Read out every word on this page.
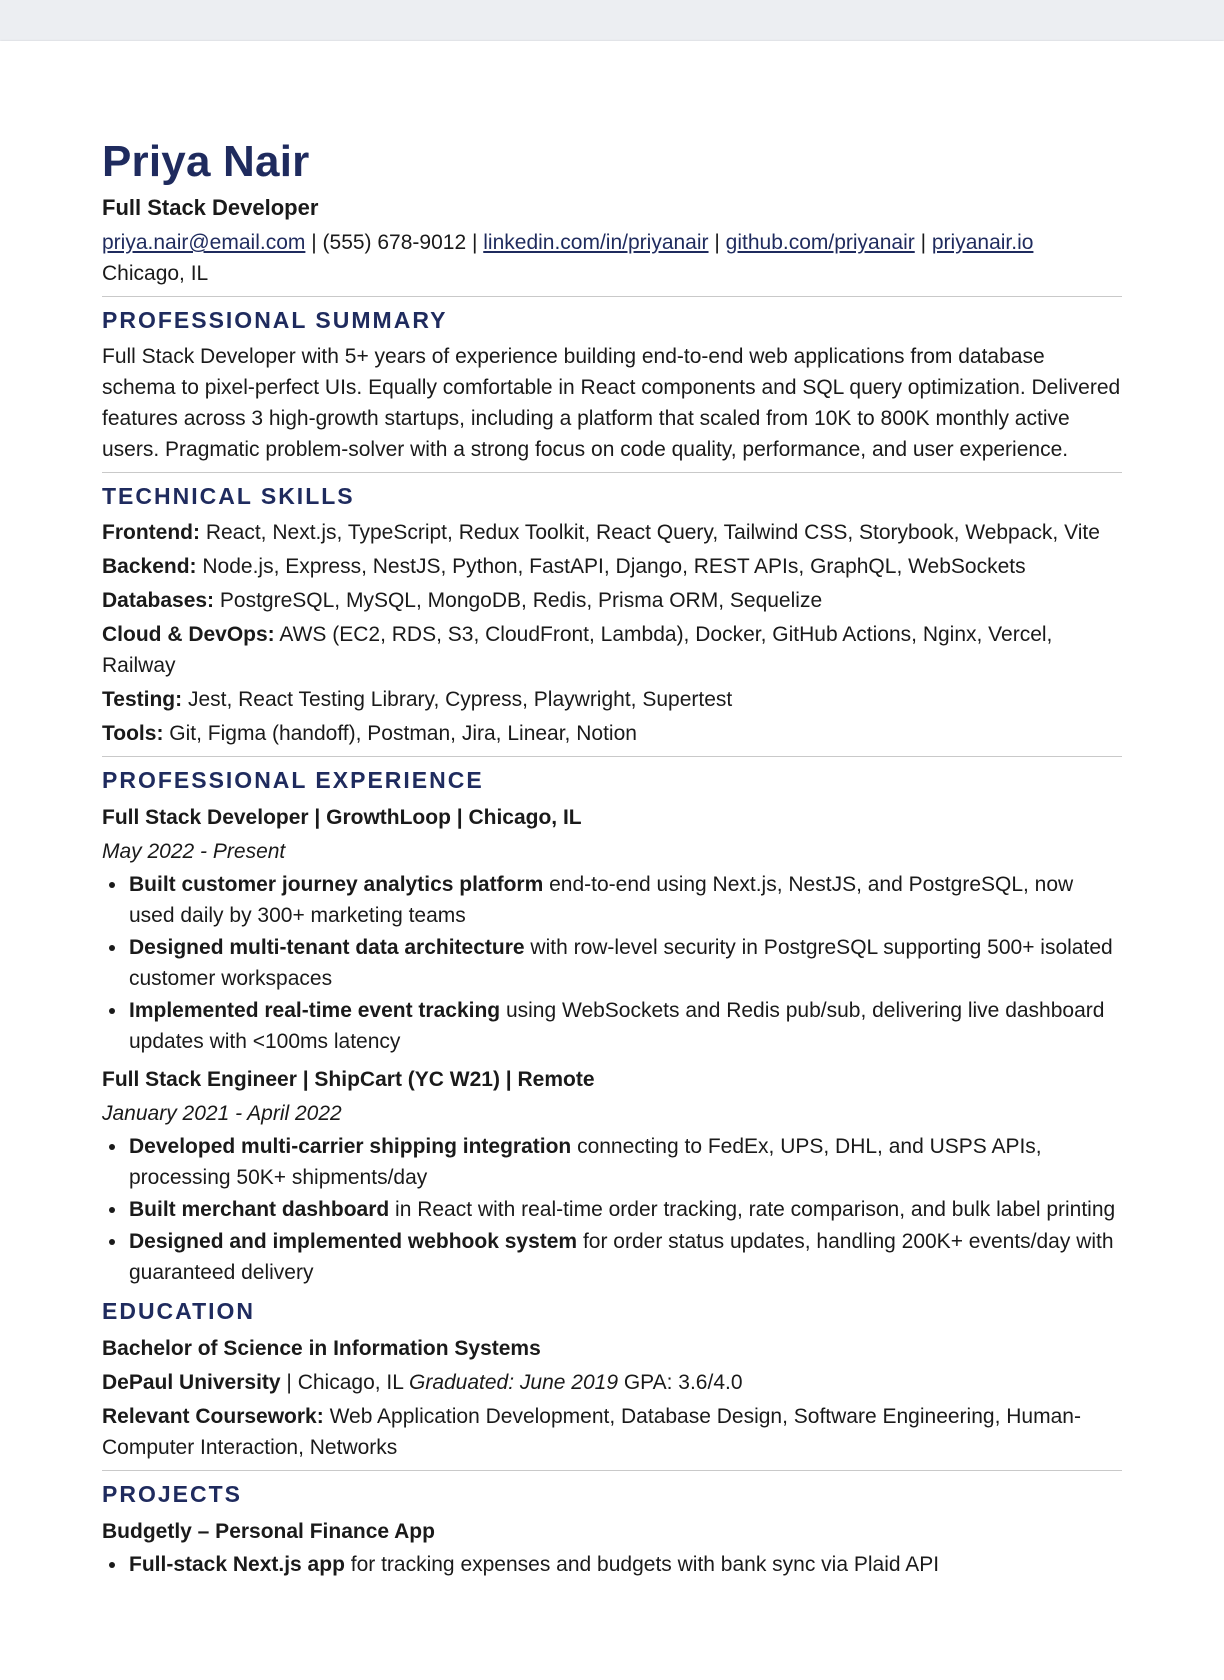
Priya Nair
Full Stack Developer
priya.nair@email.com | (555) 678-9012 | linkedin.com/in/priyanair | github.com/priyanair | priyanair.io
Chicago, IL
PROFESSIONAL SUMMARY
Full Stack Developer with 5+ years of experience building end-to-end web applications from database schema to pixel-perfect UIs. Equally comfortable in React components and SQL query optimization. Delivered features across 3 high-growth startups, including a platform that scaled from 10K to 800K monthly active users. Pragmatic problem-solver with a strong focus on code quality, performance, and user experience.
TECHNICAL SKILLS
Frontend: React, Next.js, TypeScript, Redux Toolkit, React Query, Tailwind CSS, Storybook, Webpack, Vite
Backend: Node.js, Express, NestJS, Python, FastAPI, Django, REST APIs, GraphQL, WebSockets
Databases: PostgreSQL, MySQL, MongoDB, Redis, Prisma ORM, Sequelize
Cloud & DevOps: AWS (EC2, RDS, S3, CloudFront, Lambda), Docker, GitHub Actions, Nginx, Vercel, Railway
Testing: Jest, React Testing Library, Cypress, Playwright, Supertest
Tools: Git, Figma (handoff), Postman, Jira, Linear, Notion
PROFESSIONAL EXPERIENCE
Full Stack Developer | GrowthLoop | Chicago, IL
May 2022 - Present
Built customer journey analytics platform end-to-end using Next.js, NestJS, and PostgreSQL, now used daily by 300+ marketing teams
Designed multi-tenant data architecture with row-level security in PostgreSQL supporting 500+ isolated customer workspaces
Implemented real-time event tracking using WebSockets and Redis pub/sub, delivering live dashboard updates with <100ms latency
Full Stack Engineer | ShipCart (YC W21) | Remote
January 2021 - April 2022
Developed multi-carrier shipping integration connecting to FedEx, UPS, DHL, and USPS APIs, processing 50K+ shipments/day
Built merchant dashboard in React with real-time order tracking, rate comparison, and bulk label printing
Designed and implemented webhook system for order status updates, handling 200K+ events/day with guaranteed delivery
EDUCATION
Bachelor of Science in Information Systems
DePaul University | Chicago, IL Graduated: June 2019 GPA: 3.6/4.0
Relevant Coursework: Web Application Development, Database Design, Software Engineering, Human-Computer Interaction, Networks
PROJECTS
Budgetly – Personal Finance App
Full-stack Next.js app for tracking expenses and budgets with bank sync via Plaid API
